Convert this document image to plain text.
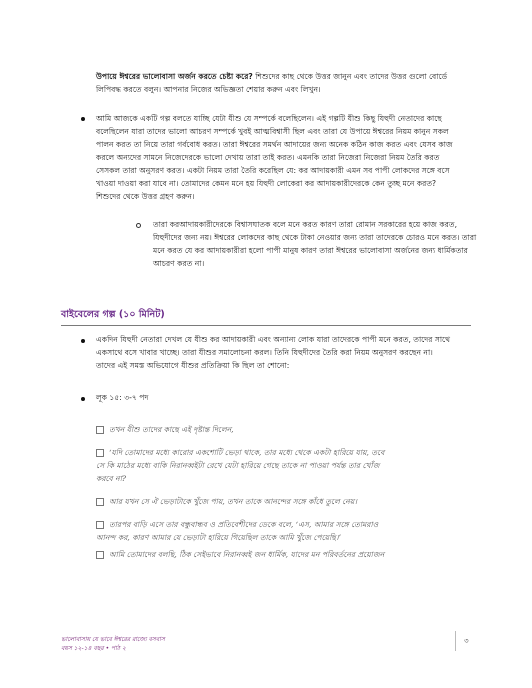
উপায়ে ঈশ্বরের ভালোবাসা অর্জন করতে চেষ্টা করে? শিশুদের কাছ থেকে উত্তর জানুন এবং তাদের উত্তর গুলো বোর্ডে
লিপিবদ্ধ করতে বলুন। আপনার নিজের অভিজ্ঞতা শেয়ার করুন এবং লিখুন।
আমি আজকে একটি গল্প বলতে যাচ্ছি যেটা যীশু যে সম্পর্কে বলেছিলেন। এই গল্পটি যীশু কিছু যিহুদী নেতাদের কাছে
বলেছিলেন যারা তাদের ভালো আচরণ সম্পর্কে খুবই আত্মবিশ্বাসী ছিল এবং তারা যে উপায়ে ঈশ্বরের নিয়ম কানুন সকল
পালন করত তা নিয়ে তারা গর্ববোধ করত। তারা ঈশ্বরের সমর্থন আদায়ের জন্য অনেক কঠিন কাজ করত এবং যেসব কাজ
করলে অন্যদের সামনে নিজেদেরকে ভালো দেখায় তারা তাই করত। এমনকি তারা নিজেরা নিজেরা নিয়ম তৈরি করত
সেসকল তারা অনুসরণ করত। একটা নিয়ম তারা তৈরি করেছিল যে: কর আদায়কারী এমন সব পাপী লোকদের সঙ্গে বসে
খাওয়া দাওয়া করা যাবে না। তোমাদের কেমন মনে হয় যিহুদী লোকেরা কর আদায়কারীদেরকে কেন তুচ্ছ মনে করত?
শিশুদের থেকে উত্তর গ্রহণ করুন।
তারা করআদায়কারীদেরকে বিশ্বাসঘাতক বলে মনে করত কারণ তারা রোমান সরকারের হয়ে কাজ করত,
যিহুদীদের জন্য নয়। ঈশ্বরের লোকদের কাছ থেকে টাকা নেওয়ার জন্য তারা তাদেরকে চোরও মনে করত। তারা
মনে করত যে কর আদায়কারীরা হলো পাপী মানুষ কারণ তারা ঈশ্বরের ভালোবাসা অর্জনের জন্য ধার্মিকতার
আচরণ করত না।
বাইবেলের গল্প (১০ মিনিট)
একদিন যিহুদী নেতারা দেখল যে যীশু কর আদায়কারী এবং অন্যান্য লোক যারা তাদেরকে পাপী মনে করত, তাদের সাথে
একসাথে বসে খাবার খাচ্ছে। তারা যীশুর সমালোচনা করল। তিনি যিহুদীদের তৈরি করা নিয়ম অনুসরণ করছেন না।
তাদের এই সমস্ত অভিযোগে যীশুর প্রতিক্রিয়া কি ছিল তা শোনো:
লূক ১৫: ৩-৭ পদ
তখন যীশু তাদের কাছে এই দৃষ্টান্ত দিলেন,
‘যদি তোমাদের মধ্যে কারোর একশোটি ভেড়া থাকে, তার মধ্যে থেকে একটা হারিয়ে যায়, তবে
সে কি মাঠের মধ্যে বাকি নিরানব্বইটা রেখে যেটা হারিয়ে গেছে তাকে না পাওয়া পর্যন্ত তার খোঁজ
করবে না?
আর যখন সে ঐ ভেড়াটাকে খুঁজে পায়, তখন তাকে আনন্দের সঙ্গে কাঁধে তুলে নেয়।
তারপর বাড়ি এসে তার বন্ধুবান্ধব ও প্রতিবেশীদের ডেকে বলে, ‘এস, আমার সঙ্গে তোমরাও
আনন্দ কর, কারণ আমার যে ভেড়াটা হারিয়ে গিয়েছিল তাকে আমি খুঁজে পেয়েছি।’
আমি তোমাদের বলছি, ঠিক সেইভাবে নিরানব্বই জন ধার্মিক, যাদের মন পরিবর্তনের প্রয়োজন
ভালোবাসায় যে ভাবে ঈশ্বরের রাজ্যে বসবাস
বয়স ১২-১৪ বছর • পাঠ ২
৩
